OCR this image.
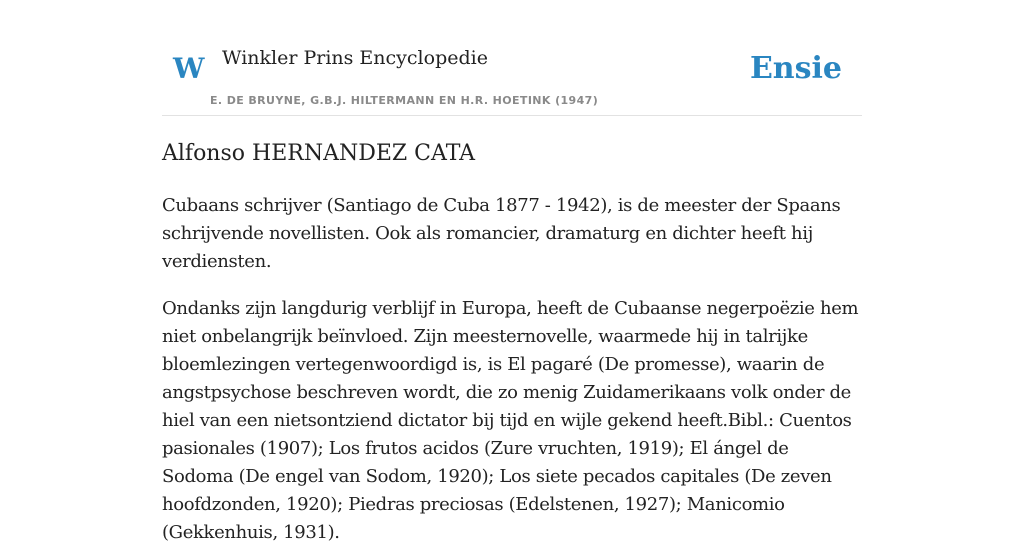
W Winkler Prins Encyclopedie
E. DE BRUYNE, G.B.J. HILTERMANN EN H.R. HOETINK (1947)
Ensie
Alfonso HERNANDEZ CATA

Cubaans schrijver (Santiago de Cuba 1877 - 1942), is de meester der Spaans schrijvende novellisten. Ook als romancier, dramaturg en dichter heeft hij verdiensten.

Ondanks zijn langdurig verblijf in Europa, heeft de Cubaanse negerpoëzie hem niet onbelangrijk beïnvloed. Zijn meesternovelle, waarmede hij in talrijke bloemlezingen vertegenwoordigd is, is El pagaré (De promesse), waarin de angstpsychose beschreven wordt, die zo menig Zuidamerikaans volk onder de hiel van een nietsontziend dictator bij tijd en wijle gekend heeft.Bibl.: Cuentos pasionales (1907); Los frutos acidos (Zure vruchten, 1919); El ángel de Sodoma (De engel van Sodom, 1920); Los siete pecados capitales (De zeven hoofdzonden, 1920); Piedras preciosas (Edelstenen, 1927); Manicomio (Gekkenhuis, 1931).
